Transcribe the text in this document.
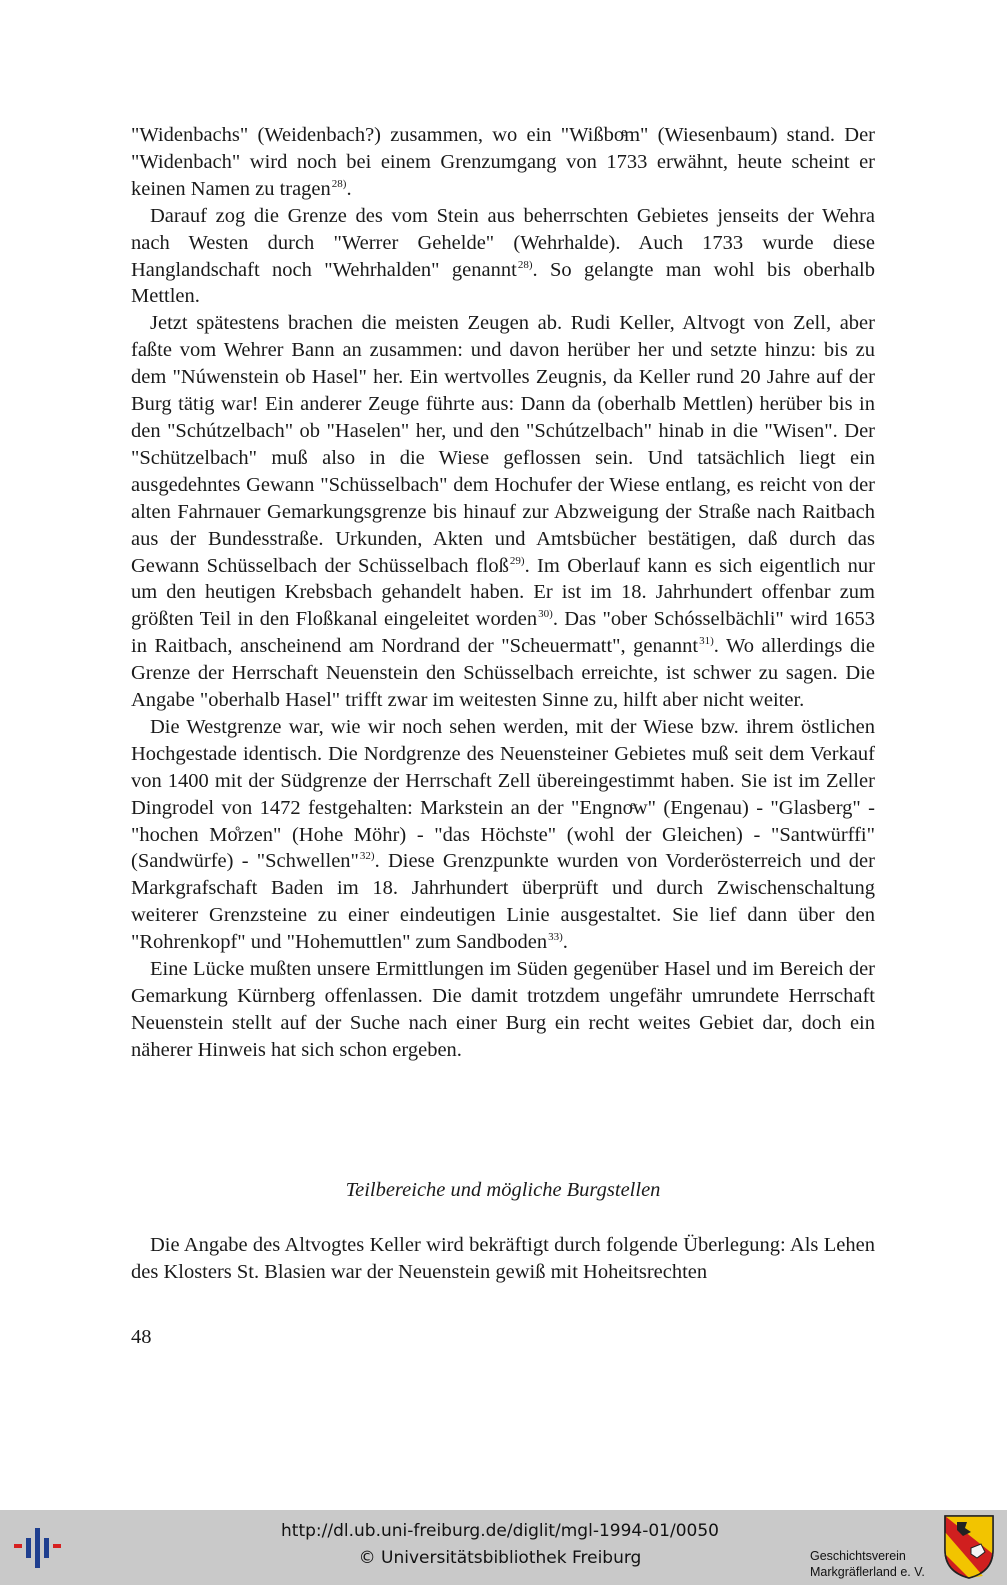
"Widenbachs" (Weidenbach?) zusammen, wo ein "Wißboͤm" (Wiesenbaum) stand. Der "Widenbach" wird noch bei einem Grenzumgang von 1733 erwähnt, heute scheint er keinen Namen zu tragen$^{28)}$.

Darauf zog die Grenze des vom Stein aus beherrschten Gebietes jenseits der Wehra nach Westen durch "Werrer Gehelde" (Wehrhalde). Auch 1733 wurde diese Hanglandschaft noch "Wehrhalden" genannt$^{28)}$. So gelangte man wohl bis oberhalb Mettlen.

Jetzt spätestens brachen die meisten Zeugen ab. Rudi Keller, Altvogt von Zell, aber faßte vom Wehrer Bann an zusammen: und davon herüber her und setzte hinzu: bis zu dem "Núwenstein ob Hasel" her. Ein wertvolles Zeugnis, da Keller rund 20 Jahre auf der Burg tätig war! Ein anderer Zeuge führte aus: Dann da (oberhalb Mettlen) herüber bis in den "Schútzelbach" ob "Haselen" her, und den "Schútzelbach" hinab in die "Wisen". Der "Schützelbach" muß also in die Wiese geflossen sein. Und tatsächlich liegt ein ausgedehntes Gewann "Schüsselbach" dem Hochufer der Wiese entlang, es reicht von der alten Fahrnauer Gemarkungsgrenze bis hinauf zur Abzweigung der Straße nach Raitbach aus der Bundesstraße. Urkunden, Akten und Amtsbücher bestätigen, daß durch das Gewann Schüsselbach der Schüsselbach floß$^{29)}$. Im Oberlauf kann es sich eigentlich nur um den heutigen Krebsbach gehandelt haben. Er ist im 18. Jahrhundert offenbar zum größten Teil in den Floßkanal eingeleitet worden$^{30)}$. Das "ober Schósselbächli" wird 1653 in Raitbach, anscheinend am Nordrand der "Scheuermatt", genannt$^{31)}$. Wo allerdings die Grenze der Herrschaft Neuenstein den Schüsselbach erreichte, ist schwer zu sagen. Die Angabe "oberhalb Hasel" trifft zwar im weitesten Sinne zu, hilft aber nicht weiter.

Die Westgrenze war, wie wir noch sehen werden, mit der Wiese bzw. ihrem östlichen Hochgestade identisch. Die Nordgrenze des Neuensteiner Gebietes muß seit dem Verkauf von 1400 mit der Südgrenze der Herrschaft Zell übereingestimmt haben. Sie ist im Zeller Dingrodel von 1472 festgehalten: Markstein an der "Engnoͤw" (Engenau) - "Glasberg" - "hochen Mo̊rzen" (Hohe Möhr) - "das Höchste" (wohl der Gleichen) - "Santwürffi" (Sandwürfe) - "Schwellen"$^{32)}$. Diese Grenzpunkte wurden von Vorderösterreich und der Markgrafschaft Baden im 18. Jahrhundert überprüft und durch Zwischenschaltung weiterer Grenzsteine zu einer eindeutigen Linie ausgestaltet. Sie lief dann über den "Rohrenkopf" und "Hohemuttlen" zum Sandboden$^{33)}$.

Eine Lücke mußten unsere Ermittlungen im Süden gegenüber Hasel und im Bereich der Gemarkung Kürnberg offenlassen. Die damit trotzdem ungefähr umrundete Herrschaft Neuenstein stellt auf der Suche nach einer Burg ein recht weites Gebiet dar, doch ein näherer Hinweis hat sich schon ergeben.

Teilbereiche und mögliche Burgstellen

Die Angabe des Altvogtes Keller wird bekräftigt durch folgende Überlegung: Als Lehen des Klosters St. Blasien war der Neuenstein gewiß mit Hoheitsrechten

48
http://dl.ub.uni-freiburg.de/diglit/mgl-1994-01/0050
© Universitätsbibliothek Freiburg	Geschichtsverein
Markgräflerland e. V.
